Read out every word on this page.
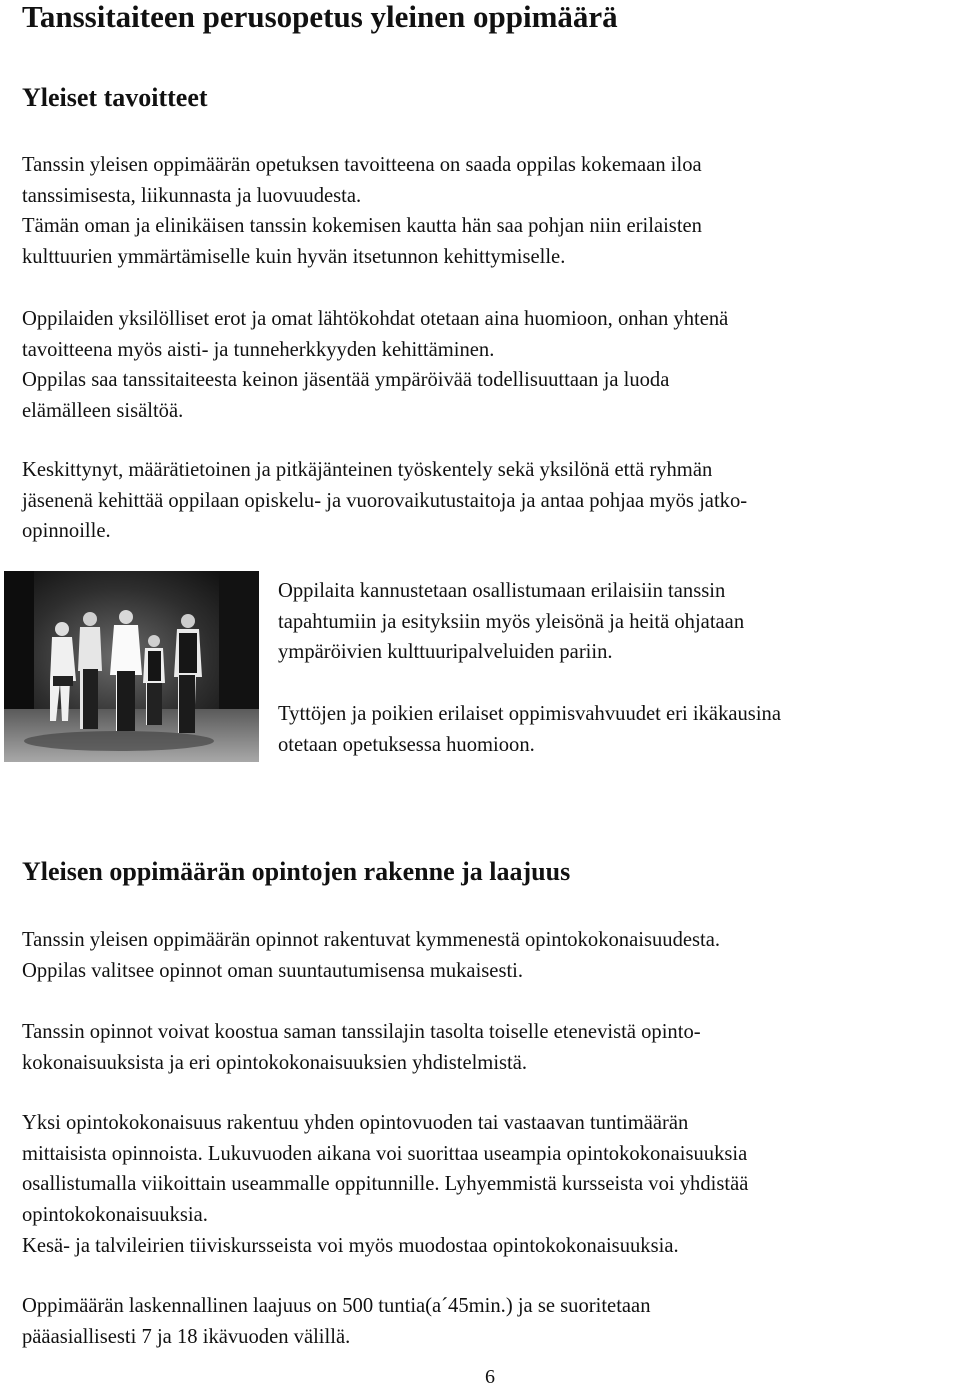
Tanssitaiteen perusopetus yleinen oppimäärä
Yleiset tavoitteet

Tanssin yleisen oppimäärän opetuksen tavoitteena on saada oppilas kokemaan iloa
tanssimisesta, liikunnasta ja luovuudesta.
Tämän oman ja elinikäisen tanssin kokemisen kautta hän saa pohjan niin erilaisten
kulttuurien ymmärtämiselle kuin hyvän itsetunnon kehittymiselle.

Oppilaiden yksilölliset erot ja omat lähtökohdat otetaan aina huomioon, onhan yhtenä
tavoitteena myös aisti- ja tunneherkkyyden kehittäminen.
Oppilas saa tanssitaiteesta keinon jäsentää ympäröivää todellisuuttaan ja luoda
elämälleen sisältöä.

Keskittynyt, määrätietoinen ja pitkäjänteinen työskentely sekä yksilönä että ryhmän
jäsenenä kehittää oppilaan opiskelu- ja vuorovaikutustaitoja ja antaa pohjaa myös jatko-
opinnoille.

Oppilaita kannustetaan osallistumaan erilaisiin tanssin
tapahtumiin ja esityksiin myös yleisönä ja heitä ohjataan
ympäröivien kulttuuripalveluiden pariin.

Tyttöjen ja poikien erilaiset oppimisvahvuudet eri ikäkausina
otetaan opetuksessa huomioon.

Yleisen oppimäärän opintojen rakenne ja laajuus

Tanssin yleisen oppimäärän opinnot rakentuvat kymmenestä opintokokonaisuudesta.
Oppilas valitsee opinnot oman suuntautumisensa mukaisesti.

Tanssin opinnot voivat koostua saman tanssilajin tasolta toiselle etenevistä opinto-
kokonaisuuksista ja eri opintokokonaisuuksien yhdistelmistä.

Yksi opintokokonaisuus rakentuu yhden opintovuoden tai vastaavan tuntimäärän
mittaisista opinnoista. Lukuvuoden aikana voi suorittaa useampia opintokokonaisuuksia
osallistumalla viikoittain useammalle oppitunnille. Lyhyemmistä kursseista voi yhdistää
opintokokonaisuuksia.
Kesä- ja talvileirien tiiviskursseista voi myös muodostaa opintokokonaisuuksia.

Oppimäärän laskennallinen laajuus on 500 tuntia(a´45min.) ja se suoritetaan
pääasiallisesti 7 ja 18 ikävuoden välillä.

6
